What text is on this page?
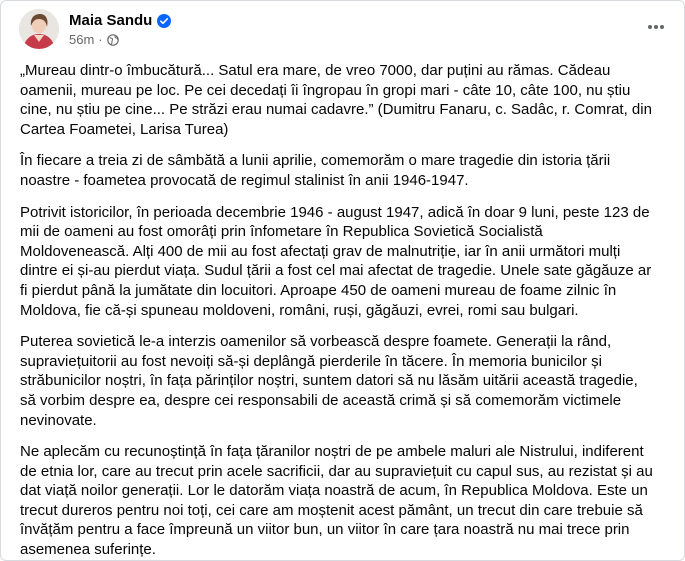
Maia Sandu
56m ·

„Mureau dintr-o îmbucătură... Satul era mare, de vreo 7000, dar puțini au rămas. Cădeau oamenii, mureau pe loc. Pe cei decedați îi îngropau în gropi mari - câte 10, câte 100, nu știu cine, nu știu pe cine... Pe străzi erau numai cadavre.” (Dumitru Fanaru, c. Sadâc, r. Comrat, din Cartea Foametei, Larisa Turea)

În fiecare a treia zi de sâmbătă a lunii aprilie, comemorăm o mare tragedie din istoria țării noastre - foametea provocată de regimul stalinist în anii 1946-1947.

Potrivit istoricilor, în perioada decembrie 1946 - august 1947, adică în doar 9 luni, peste 123 de mii de oameni au fost omorâți prin înfometare în Republica Sovietică Socialistă Moldovenească. Alți 400 de mii au fost afectați grav de malnutriție, iar în anii următori mulți dintre ei și-au pierdut viața. Sudul țării a fost cel mai afectat de tragedie. Unele sate găgăuze ar fi pierdut până la jumătate din locuitori. Aproape 450 de oameni mureau de foame zilnic în Moldova, fie că-și spuneau moldoveni, români, ruși, găgăuzi, evrei, romi sau bulgari.

Puterea sovietică le-a interzis oamenilor să vorbească despre foamete. Generații la rând, supraviețuitorii au fost nevoiți să-și deplângă pierderile în tăcere. În memoria bunicilor și străbunicilor noștri, în fața părinților noștri, suntem datori să nu lăsăm uitării această tragedie, să vorbim despre ea, despre cei responsabili de această crimă și să comemorăm victimele nevinovate.

Ne aplecăm cu recunoștință în fața țăranilor noștri de pe ambele maluri ale Nistrului, indiferent de etnia lor, care au trecut prin acele sacrificii, dar au supraviețuit cu capul sus, au rezistat și au dat viață noilor generații. Lor le datorăm viața noastră de acum, în Republica Moldova. Este un trecut dureros pentru noi toți, cei care am moștenit acest pământ, un trecut din care trebuie să învățăm pentru a face împreună un viitor bun, un viitor în care țara noastră nu mai trece prin asemenea suferințe.
